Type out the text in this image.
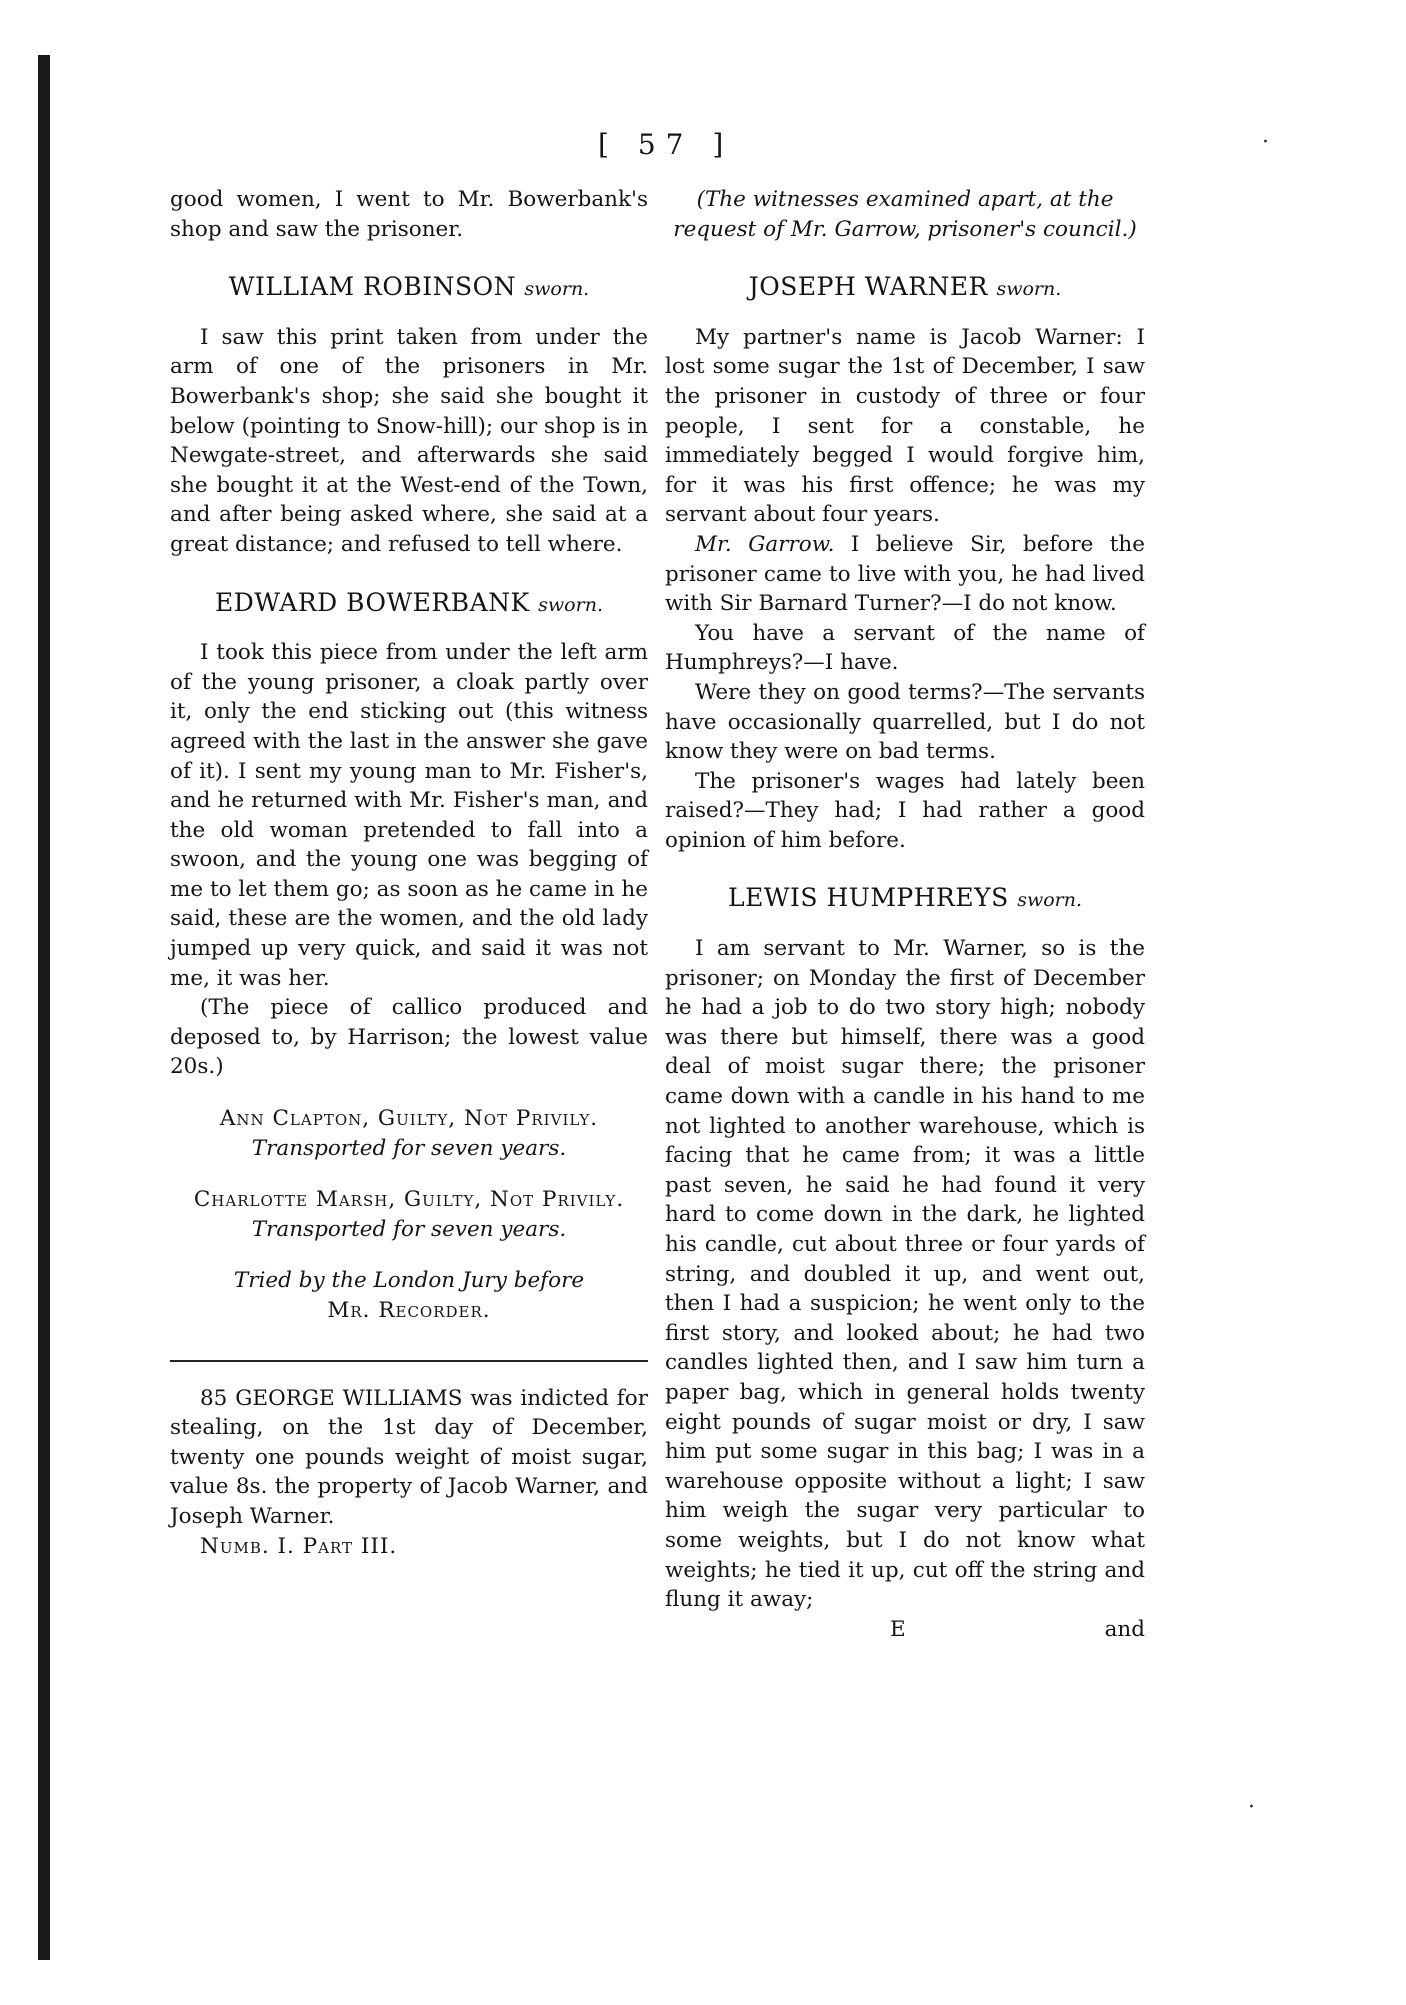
·
·
[ 57 ]

good women, I went to Mr. Bowerbank's shop and saw the prisoner.

WILLIAM ROBINSON sworn.

I saw this print taken from under the arm of one of the prisoners in Mr. Bowerbank's shop; she said she bought it below (pointing to Snow-hill); our shop is in Newgate-street, and afterwards she said she bought it at the West-end of the Town, and after being asked where, she said at a great distance; and refused to tell where.

EDWARD BOWERBANK sworn.

I took this piece from under the left arm of the young prisoner, a cloak partly over it, only the end sticking out (this witness agreed with the last in the answer she gave of it). I sent my young man to Mr. Fisher's, and he returned with Mr. Fisher's man, and the old woman pretended to fall into a swoon, and the young one was begging of me to let them go; as soon as he came in he said, these are the women, and the old lady jumped up very quick, and said it was not me, it was her.

(The piece of callico produced and deposed to, by Harrison; the lowest value 20s.)

Ann Clapton, Guilty, Not Privily.
Transported for seven years.
Charlotte Marsh, Guilty, Not Privily.
Transported for seven years.
Tried by the London Jury before
Mr. Recorder.

85 GEORGE WILLIAMS was indicted for stealing, on the 1st day of December, twenty one pounds weight of moist sugar, value 8s. the property of Jacob Warner, and Joseph Warner.

Numb. I. Part III.

(The witnesses examined apart, at the request of Mr. Garrow, prisoner's council.)

JOSEPH WARNER sworn.

My partner's name is Jacob Warner: I lost some sugar the 1st of December, I saw the prisoner in custody of three or four people, I sent for a constable, he immediately begged I would forgive him, for it was his first offence; he was my servant about four years.

Mr. Garrow. I believe Sir, before the prisoner came to live with you, he had lived with Sir Barnard Turner?—I do not know.

You have a servant of the name of Humphreys?—I have.

Were they on good terms?—The servants have occasionally quarrelled, but I do not know they were on bad terms.

The prisoner's wages had lately been raised?—They had; I had rather a good opinion of him before.

LEWIS HUMPHREYS sworn.

I am servant to Mr. Warner, so is the prisoner; on Monday the first of December he had a job to do two story high; nobody was there but himself, there was a good deal of moist sugar there; the prisoner came down with a candle in his hand to me not lighted to another warehouse, which is facing that he came from; it was a little past seven, he said he had found it very hard to come down in the dark, he lighted his candle, cut about three or four yards of string, and doubled it up, and went out, then I had a suspicion; he went only to the first story, and looked about; he had two candles lighted then, and I saw him turn a paper bag, which in general holds twenty eight pounds of sugar moist or dry, I saw him put some sugar in this bag; I was in a warehouse opposite without a light; I saw him weigh the sugar very particular to some weights, but I do not know what weights; he tied it up, cut off the string and flung it away;

E	and
